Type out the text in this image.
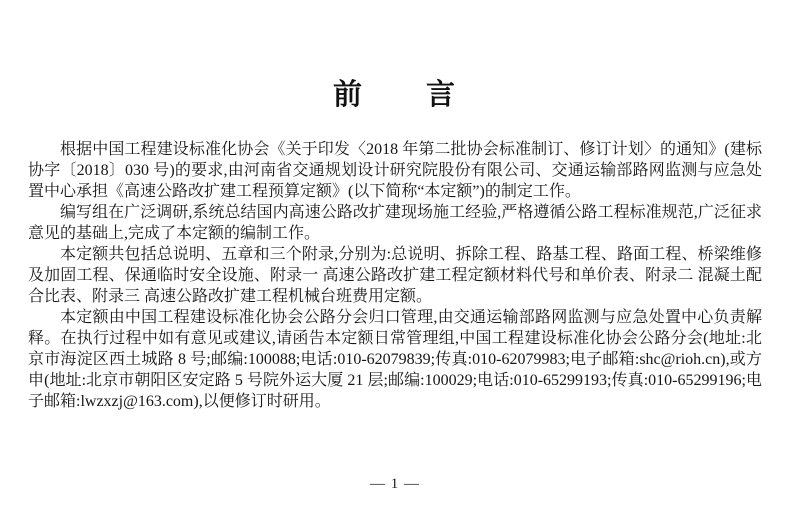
前　　言

根据中国工程建设标准化协会《关于印发〈2018 年第二批协会标准制订、修订计划〉的通知》(建标协字〔2018〕030 号)的要求,由河南省交通规划设计研究院股份有限公司、交通运输部路网监测与应急处置中心承担《高速公路改扩建工程预算定额》(以下简称“本定额”)的制定工作。

编写组在广泛调研,系统总结国内高速公路改扩建现场施工经验,严格遵循公路工程标准规范,广泛征求意见的基础上,完成了本定额的编制工作。

本定额共包括总说明、五章和三个附录,分别为:总说明、拆除工程、路基工程、路面工程、桥梁维修及加固工程、保通临时安全设施、附录一 高速公路改扩建工程定额材料代号和单价表、附录二 混凝土配合比表、附录三 高速公路改扩建工程机械台班费用定额。

本定额由中国工程建设标准化协会公路分会归口管理,由交通运输部路网监测与应急处置中心负责解释。在执行过程中如有意见或建议,请函告本定额日常管理组,中国工程建设标准化协会公路分会(地址:北京市海淀区西土城路 8 号;邮编:100088;电话:010-62079839;传真:010-62079983;电子邮箱:shc@rioh.cn),或方申(地址:北京市朝阳区安定路 5 号院外运大厦 21 层;邮编:100029;电话:010-65299193;传真:010-65299196;电子邮箱:lwzxzj@163.com),以便修订时研用。

— 1 —
